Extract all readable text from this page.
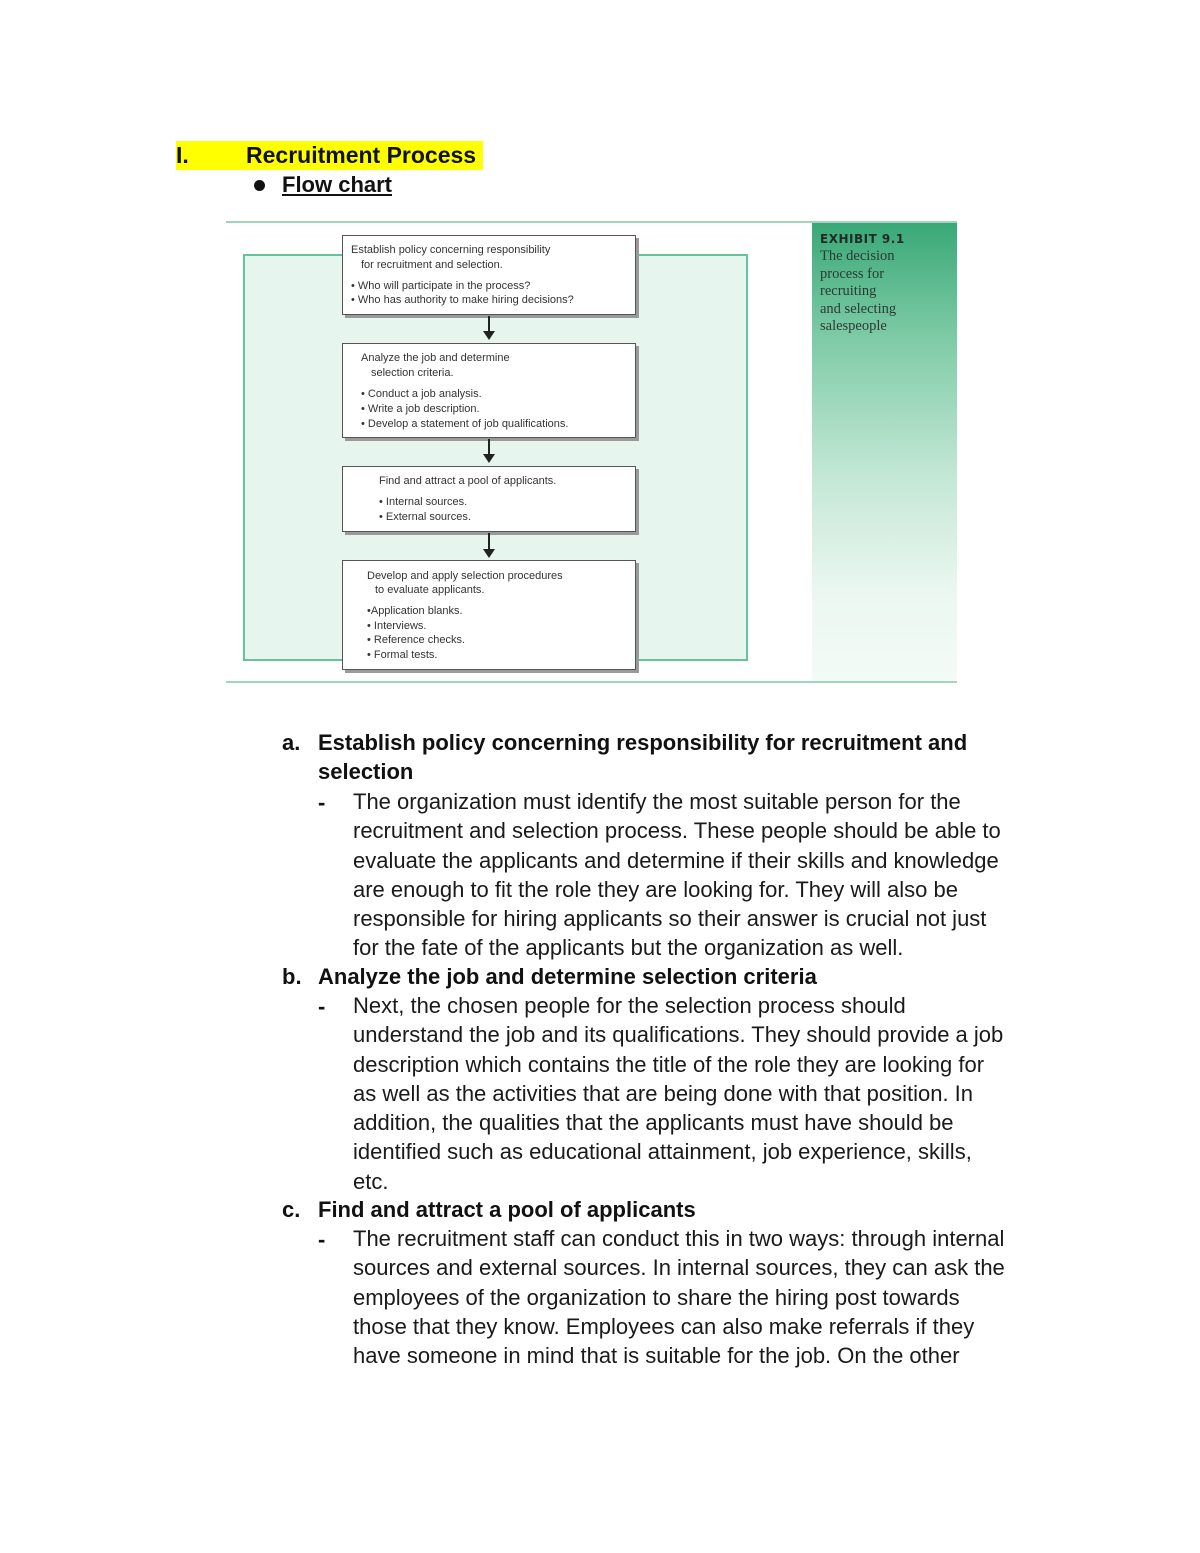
I. Recruitment Process
Flow chart
EXHIBIT 9.1
The decision
process for
recruiting
and selecting
salespeople
Establish policy concerning responsibility
for recruitment and selection.
• Who will participate in the process?
• Who has authority to make hiring decisions?
Analyze the job and determine
selection criteria.
• Conduct a job analysis.
• Write a job description.
• Develop a statement of job qualifications.
Find and attract a pool of applicants.
• Internal sources.
• External sources.
Develop and apply selection procedures
to evaluate applicants.
•Application blanks.
• Interviews.
• Reference checks.
• Formal tests.
a. Establish policy concerning responsibility for recruitment and
selection
- The organization must identify the most suitable person for the
recruitment and selection process. These people should be able to
evaluate the applicants and determine if their skills and knowledge
are enough to fit the role they are looking for. They will also be
responsible for hiring applicants so their answer is crucial not just
for the fate of the applicants but the organization as well.
b. Analyze the job and determine selection criteria
- Next, the chosen people for the selection process should
understand the job and its qualifications. They should provide a job
description which contains the title of the role they are looking for
as well as the activities that are being done with that position. In
addition, the qualities that the applicants must have should be
identified such as educational attainment, job experience, skills,
etc.
c. Find and attract a pool of applicants
- The recruitment staff can conduct this in two ways: through internal
sources and external sources. In internal sources, they can ask the
employees of the organization to share the hiring post towards
those that they know. Employees can also make referrals if they
have someone in mind that is suitable for the job. On the other
